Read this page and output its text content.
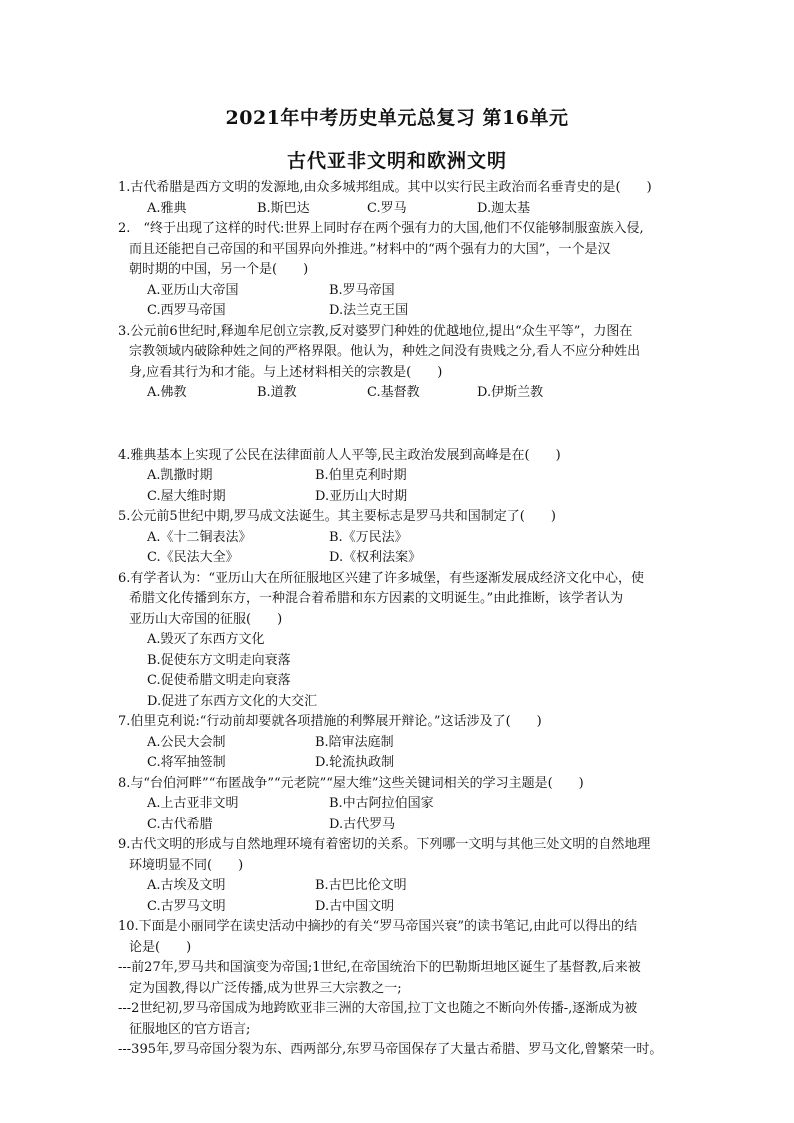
2021年中考历史单元总复习 第16单元
古代亚非文明和欧洲文明
1.古代希腊是西方文明的发源地,由众多城邦组成。其中以实行民主政治而名垂青史的是(　　)
A.雅典	B.斯巴达	C.罗马	D.迦太基
2.　“终于出现了这样的时代:世界上同时存在两个强有力的大国,他们不仅能够制服蛮族入侵,
而且还能把自己帝国的和平国界向外推进。”材料中的“两个强有力的大国”，一个是汉
朝时期的中国，另一个是(　　)
A.亚历山大帝国	B.罗马帝国
C.西罗马帝国	D.法兰克王国
3.公元前6世纪时,释迦牟尼创立宗教,反对婆罗门种姓的优越地位,提出“众生平等”，力图在
宗教领域内破除种姓之间的严格界限。他认为，种姓之间没有贵贱之分,看人不应分种姓出
身,应看其行为和才能。与上述材料相关的宗教是(　　)
A.佛教	B.道教	C.基督教	D.伊斯兰教
4.雅典基本上实现了公民在法律面前人人平等,民主政治发展到高峰是在(　　)
A.凯撒时期	B.伯里克利时期
C.屋大维时期	D.亚历山大时期
5.公元前5世纪中期,罗马成文法诞生。其主要标志是罗马共和国制定了(　　)
A.《十二铜表法》	B.《万民法》
C.《民法大全》	D.《权利法案》
6.有学者认为：“亚历山大在所征服地区兴建了许多城堡，有些逐渐发展成经济文化中心，使
希腊文化传播到东方，一种混合着希腊和东方因素的文明诞生。”由此推断，该学者认为
亚历山大帝国的征服(　　)
A.毁灭了东西方文化
B.促使东方文明走向衰落
C.促使希腊文明走向衰落
D.促进了东西方文化的大交汇
7.伯里克利说:“行动前却要就各项措施的利弊展开辩论。”这话涉及了(　　)
A.公民大会制	B.陪审法庭制
C.将军抽签制	D.轮流执政制
8.与“台伯河畔”“布匿战争”“元老院”“屋大维”这些关键词相关的学习主题是(　　)
A.上古亚非文明	B.中古阿拉伯国家
C.古代希腊	D.古代罗马
9.古代文明的形成与自然地理环境有着密切的关系。下列哪一文明与其他三处文明的自然地理
环境明显不同(　　)
A.古埃及文明	B.古巴比伦文明
C.古罗马文明	D.古中国文明
10.下面是小丽同学在读史活动中摘抄的有关“罗马帝国兴衰”的读书笔记,由此可以得出的结
论是(　　)
---前27年,罗马共和国演变为帝国;1世纪,在帝国统治下的巴勒斯坦地区诞生了基督教,后来被
定为国教,得以广泛传播,成为世界三大宗教之一;
---2世纪初,罗马帝国成为地跨欧亚非三洲的大帝国,拉丁文也随之不断向外传播-,逐渐成为被
征服地区的官方语言;
---395年,罗马帝国分裂为东、西两部分,东罗马帝国保存了大量古希腊、罗马文化,曾繁荣一时。
